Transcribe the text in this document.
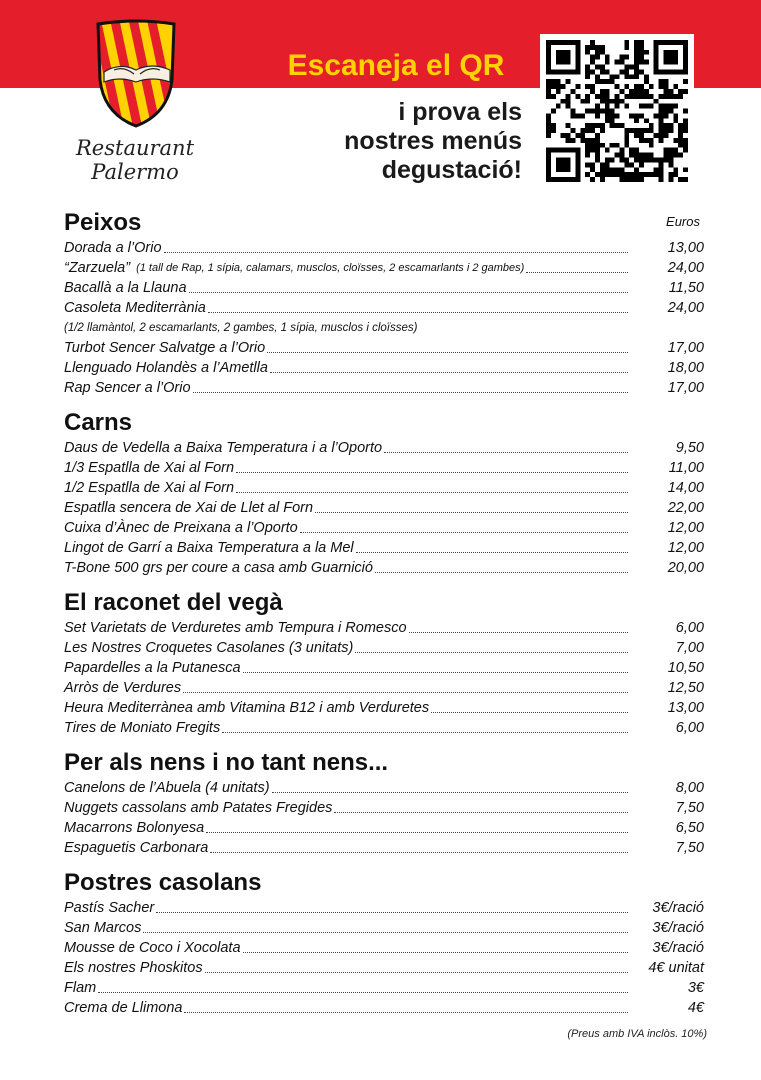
Restaurant
Palermo
Escaneja el QR
i prova els
nostres menús
degustació!
Peixos	Euros
Dorada a l’Orio	13,00
“Zarzuela” (1 tall de Rap, 1 sípia, calamars, musclos, cloïsses, 2 escamarlants i 2 gambes)	24,00
Bacallà a la Llauna	11,50
Casoleta Mediterrània	24,00
(1/2 llamàntol, 2 escamarlants, 2 gambes, 1 sípia, musclos i cloïsses)
Turbot Sencer Salvatge a l’Orio	17,00
Llenguado Holandès a l’Ametlla	18,00
Rap Sencer a l’Orio	17,00
Carns
Daus de Vedella a Baixa Temperatura i a l’Oporto	9,50
1/3 Espatlla de Xai al Forn	11,00
1/2 Espatlla de Xai al Forn	14,00
Espatlla sencera de Xai de Llet al Forn	22,00
Cuixa d’Ànec de Preixana a l’Oporto	12,00
Lingot de Garrí a Baixa Temperatura a la Mel	12,00
T-Bone 500 grs per coure a casa amb Guarnició	20,00
El raconet del vegà
Set Varietats de Verduretes amb Tempura i Romesco	6,00
Les Nostres Croquetes Casolanes (3 unitats)	7,00
Papardelles a la Putanesca	10,50
Arròs de Verdures	12,50
Heura Mediterrànea amb Vitamina B12 i amb Verduretes	13,00
Tires de Moniato Fregits	6,00
Per als nens i no tant nens...
Canelons de l’Abuela (4 unitats)	8,00
Nuggets cassolans amb Patates Fregides	7,50
Macarrons Bolonyesa	6,50
Espaguetis Carbonara	7,50
Postres casolans
Pastís Sacher	3€/ració
San Marcos	3€/ració
Mousse de Coco i Xocolata	3€/ració
Els nostres Phoskitos	4€ unitat
Flam	3€
Crema de Llimona	4€
(Preus amb IVA inclòs. 10%)
